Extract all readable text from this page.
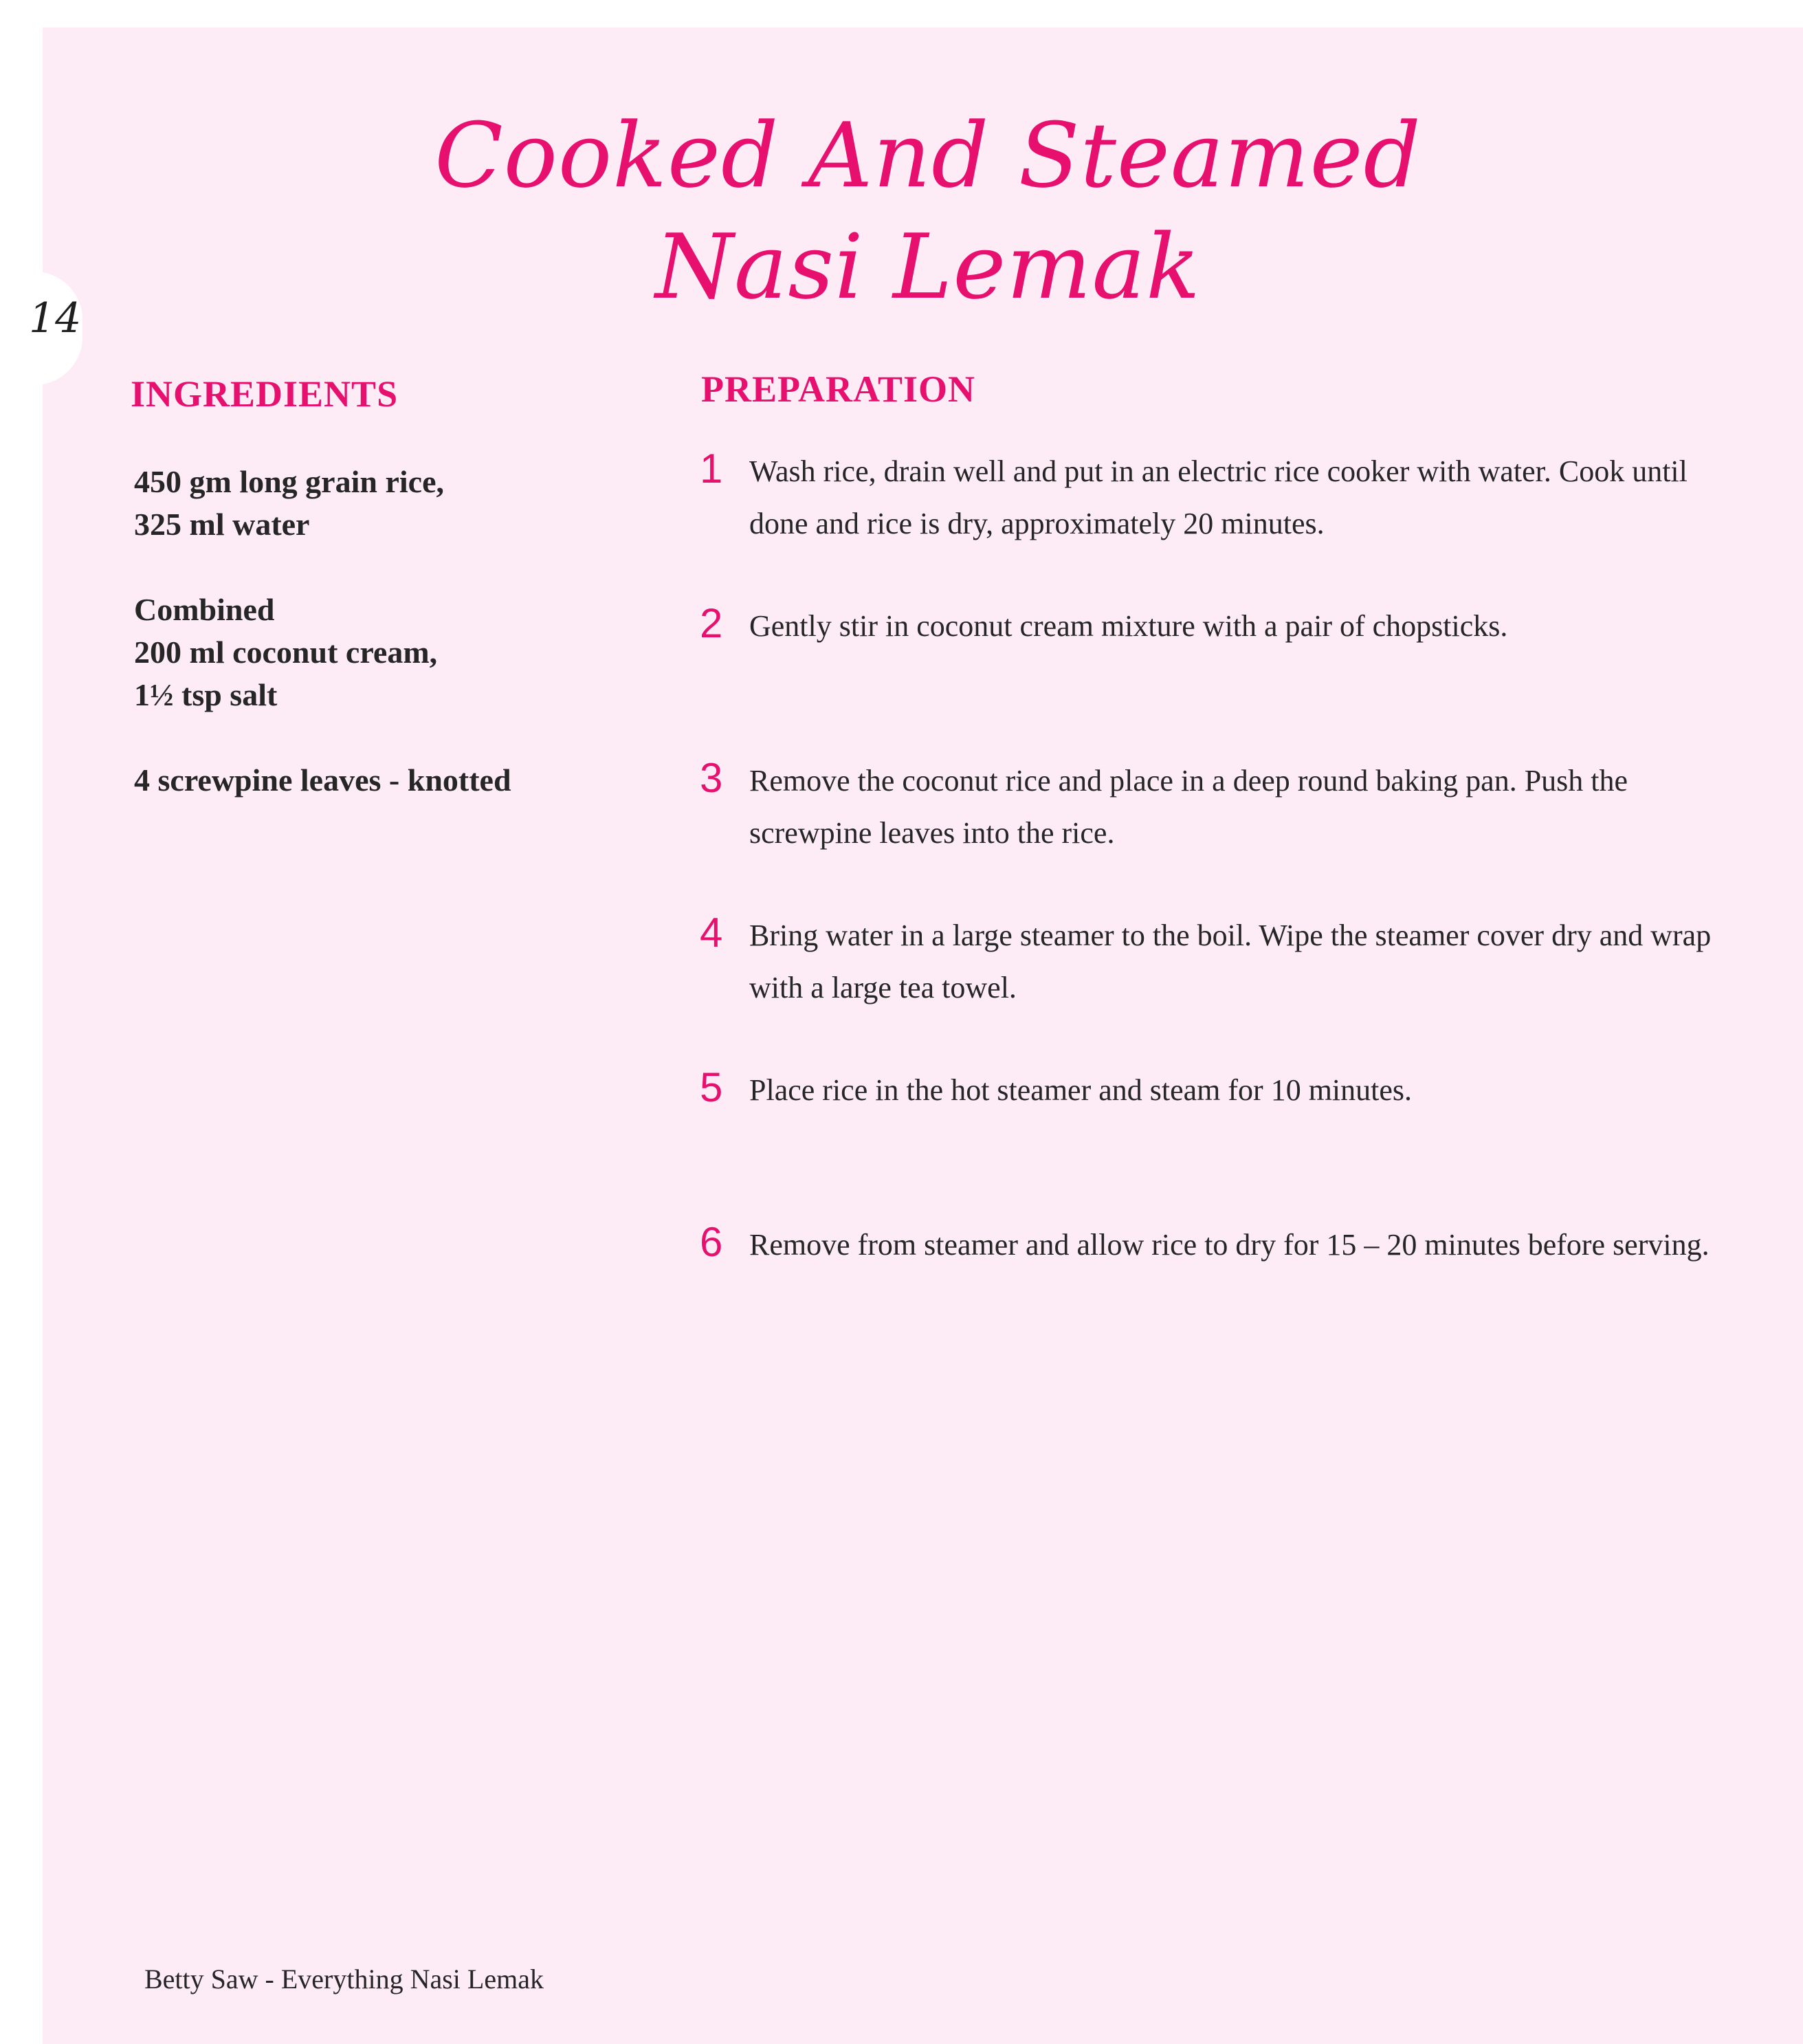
14
Cooked And Steamed
Nasi Lemak
INGREDIENTS	PREPARATION
450 gm long grain rice,
325 ml water
Combined
200 ml coconut cream,
1½ tsp salt
4 screwpine leaves - knotted
1 Wash rice, drain well and put in an electric rice cooker with water. Cook until done and rice is dry, approximately 20 minutes.
2 Gently stir in coconut cream mixture with a pair of chopsticks.
3 Remove the coconut rice and place in a deep round baking pan. Push the screwpine leaves into the rice.
4 Bring water in a large steamer to the boil. Wipe the steamer cover dry and wrap with a large tea towel.
5 Place rice in the hot steamer and steam for 10 minutes.
6 Remove from steamer and allow rice to dry for 15 – 20 minutes before serving.
Betty Saw - Everything Nasi Lemak
